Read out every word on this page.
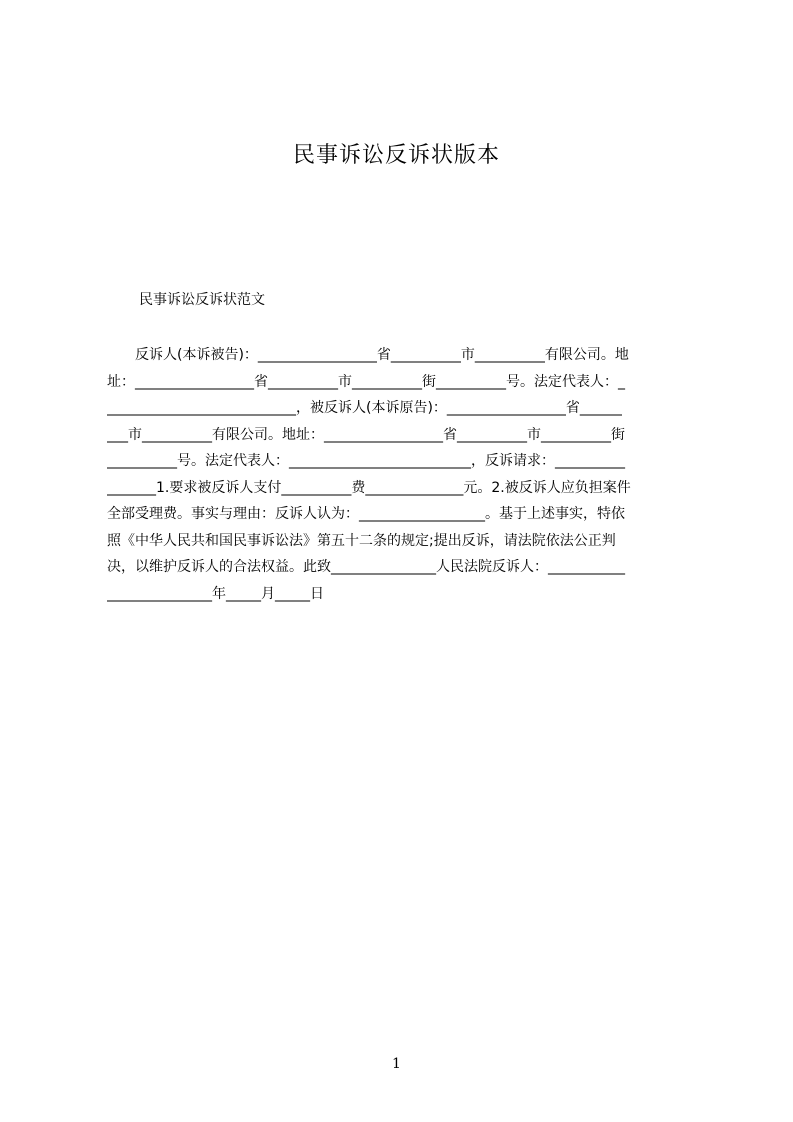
民事诉讼反诉状版本
民事诉讼反诉状范文
　　反诉人(本诉被告)：_________________省__________市__________有限公司。地
址：_________________省__________市__________街__________号。法定代表人：_
___________________________，被反诉人(本诉原告)：_________________省______
___市__________有限公司。地址：_________________省__________市__________街
__________号。法定代表人：__________________________，反诉请求：__________
_______1.要求被反诉人支付__________费______________元。2.被反诉人应负担案件
全部受理费。事实与理由：反诉人认为：__________________。基于上述事实，特依
照《中华人民共和国民事诉讼法》第五十二条的规定;提出反诉，请法院依法公正判
决，以维护反诉人的合法权益。此致_______________人民法院反诉人：___________
_______________年_____月_____日
1
